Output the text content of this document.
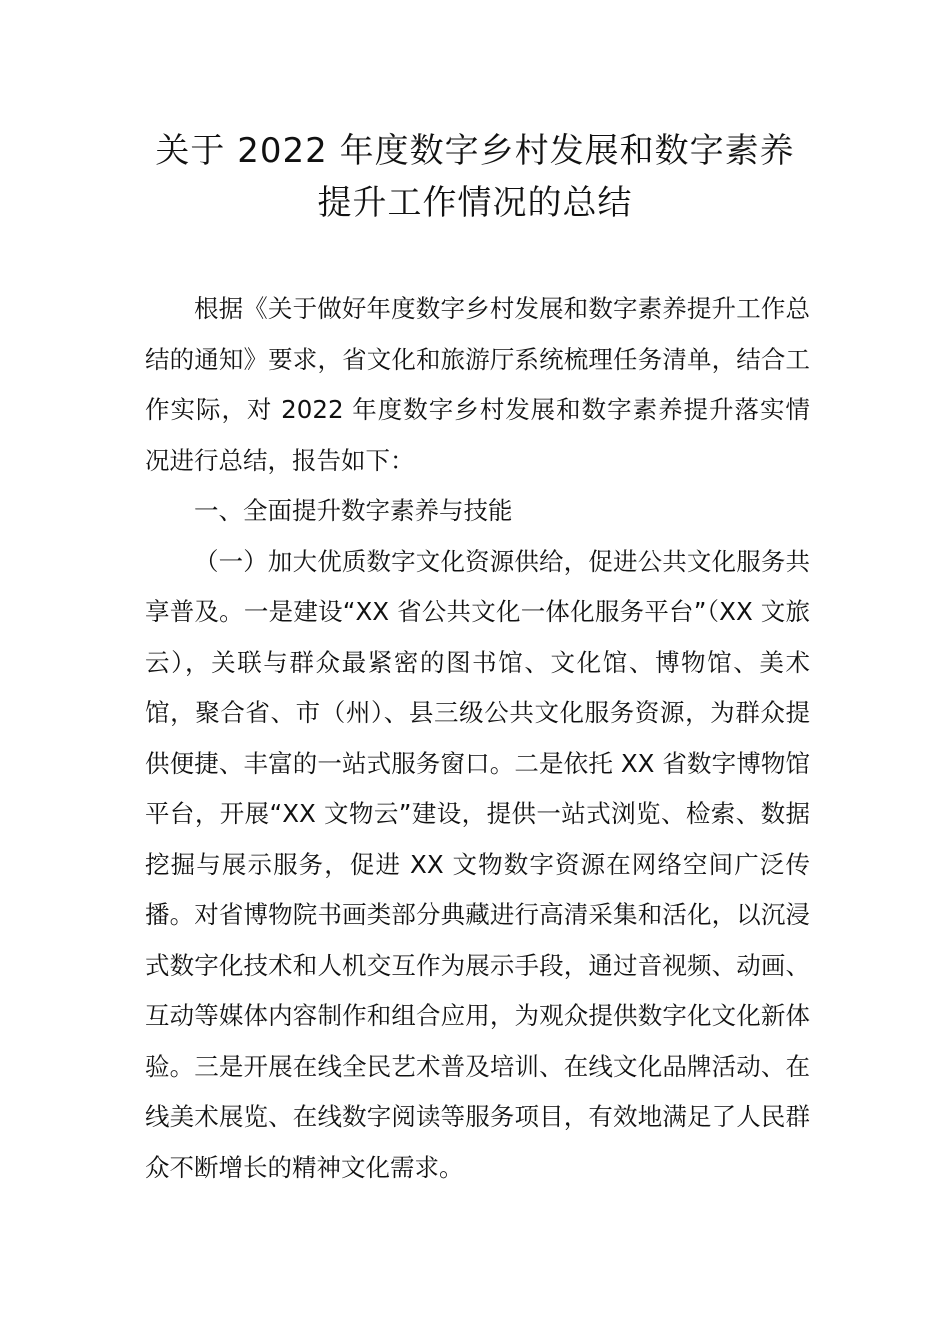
关于 2022 年度数字乡村发展和数字素养
提升工作情况的总结

根据《关于做好年度数字乡村发展和数字素养提升工作总结的通知》要求，省文化和旅游厅系统梳理任务清单，结合工作实际，对 2022 年度数字乡村发展和数字素养提升落实情况进行总结，报告如下：

一、全面提升数字素养与技能

（一）加大优质数字文化资源供给，促进公共文化服务共享普及。一是建设“XX 省公共文化一体化服务平台”（XX 文旅云），关联与群众最紧密的图书馆、文化馆、博物馆、美术馆，聚合省、市（州）、县三级公共文化服务资源，为群众提供便捷、丰富的一站式服务窗口。二是依托 XX 省数字博物馆平台，开展“XX 文物云”建设，提供一站式浏览、检索、数据挖掘与展示服务，促进 XX 文物数字资源在网络空间广泛传播。对省博物院书画类部分典藏进行高清采集和活化，以沉浸式数字化技术和人机交互作为展示手段，通过音视频、动画、互动等媒体内容制作和组合应用，为观众提供数字化文化新体验。三是开展在线全民艺术普及培训、在线文化品牌活动、在线美术展览、在线数字阅读等服务项目，有效地满足了人民群众不断增长的精神文化需求。
